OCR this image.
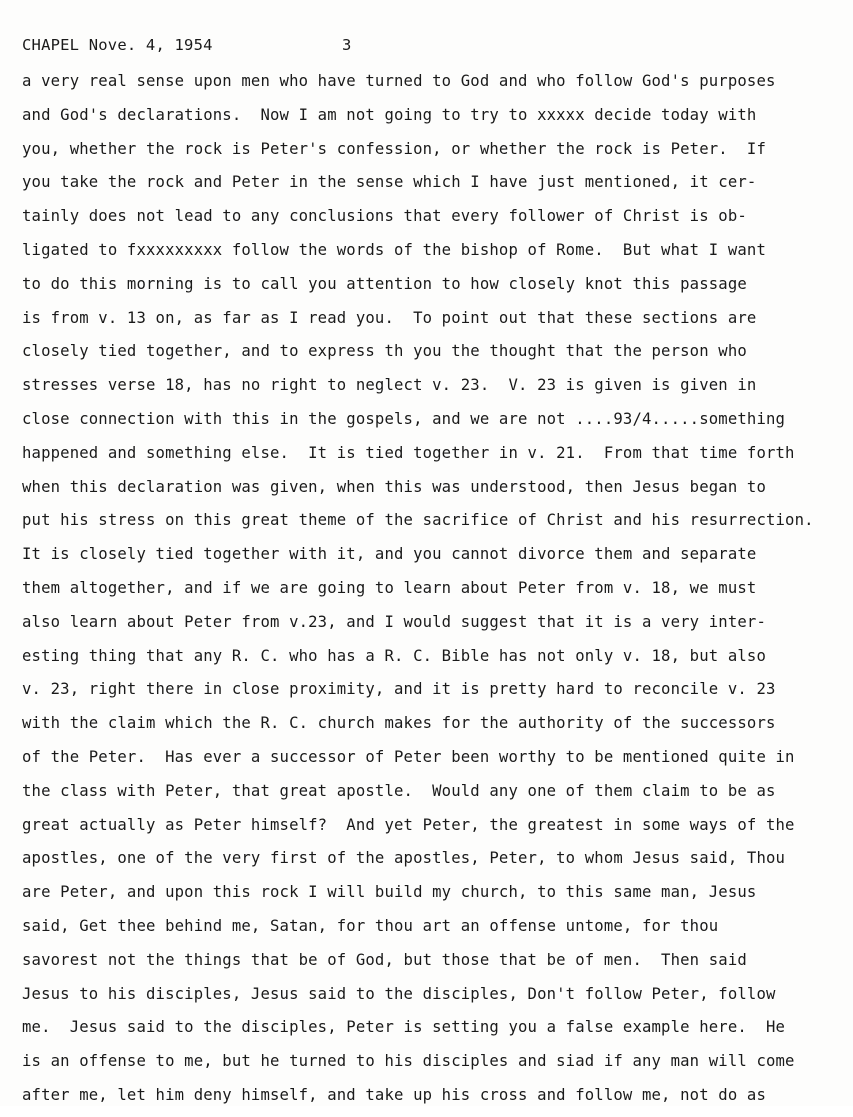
CHAPEL Nove. 4, 1954	3
a very real sense upon men who have turned to God and who follow God's purposes
and God's declarations.  Now I am not going to try to xxxxx decide today with
you, whether the rock is Peter's confession, or whether the rock is Peter.  If
you take the rock and Peter in the sense which I have just mentioned, it cer-
tainly does not lead to any conclusions that every follower of Christ is ob-
ligated to fxxxxxxxxx follow the words of the bishop of Rome.  But what I want
to do this morning is to call you attention to how closely knot this passage
is from v. 13 on, as far as I read you.  To point out that these sections are
closely tied together, and to express th you the thought that the person who
stresses verse 18, has no right to neglect v. 23.  V. 23 is given is given in
close connection with this in the gospels, and we are not ....93/4.....something
happened and something else.  It is tied together in v. 21.  From that time forth
when this declaration was given, when this was understood, then Jesus began to
put his stress on this great theme of the sacrifice of Christ and his resurrection.
It is closely tied together with it, and you cannot divorce them and separate
them altogether, and if we are going to learn about Peter from v. 18, we must
also learn about Peter from v.23, and I would suggest that it is a very inter-
esting thing that any R. C. who has a R. C. Bible has not only v. 18, but also
v. 23, right there in close proximity, and it is pretty hard to reconcile v. 23
with the claim which the R. C. church makes for the authority of the successors
of the Peter.  Has ever a successor of Peter been worthy to be mentioned quite in
the class with Peter, that great apostle.  Would any one of them claim to be as
great actually as Peter himself?  And yet Peter, the greatest in some ways of the
apostles, one of the very first of the apostles, Peter, to whom Jesus said, Thou
are Peter, and upon this rock I will build my church, to this same man, Jesus
said, Get thee behind me, Satan, for thou art an offense untome, for thou
savorest not the things that be of God, but those that be of men.  Then said
Jesus to his disciples, Jesus said to the disciples, Don't follow Peter, follow
me.  Jesus said to the disciples, Peter is setting you a false example here.  He
is an offense to me, but he turned to his disciples and siad if any man will come
after me, let him deny himself, and take up his cross and follow me, not do as
